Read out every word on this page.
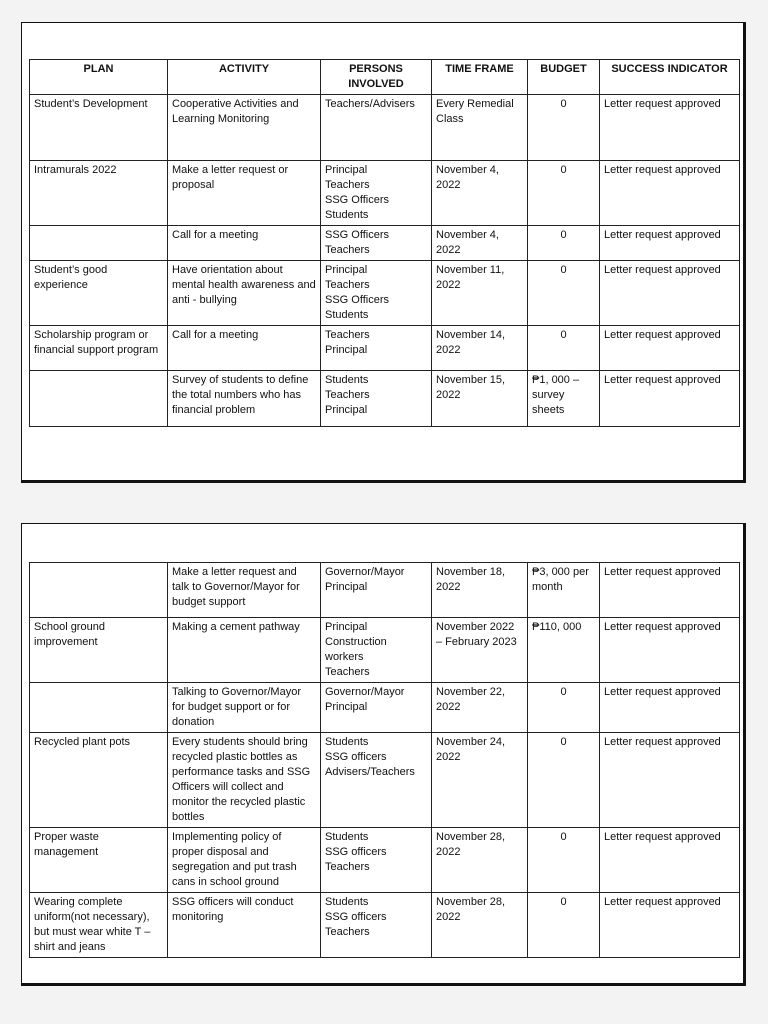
PLAN	ACTIVITY	PERSONS INVOLVED	TIME FRAME	BUDGET	SUCCESS INDICATOR
Student’s Development	Cooperative Activities and Learning Monitoring	Teachers/Advisers	Every Remedial Class	0	Letter request approved
Intramurals 2022	Make a letter request or proposal	Principal
Teachers
SSG Officers
Students	November 4, 2022	0	Letter request approved
	Call for a meeting	SSG Officers
Teachers	November 4, 2022	0	Letter request approved
Student’s good experience	Have orientation about mental health awareness and anti - bullying	Principal
Teachers
SSG Officers
Students	November 11, 2022	0	Letter request approved
Scholarship program or financial support program	Call for a meeting	Teachers
Principal	November 14, 2022	0	Letter request approved
	Survey of students to define the total numbers who has financial problem	Students
Teachers
Principal	November 15, 2022	₱1, 000 – survey sheets	Letter request approved
	Make a letter request and talk to Governor/Mayor for budget support	Governor/Mayor
Principal	November 18, 2022	₱3, 000 per month	Letter request approved
School ground improvement	Making a cement pathway	Principal
Construction workers
Teachers	November 2022 – February 2023	₱110, 000	Letter request approved
	Talking to Governor/Mayor for budget support or for donation	Governor/Mayor
Principal	November 22, 2022	0	Letter request approved
Recycled plant pots	Every students should bring recycled plastic bottles as performance tasks and SSG Officers will collect and monitor the recycled plastic bottles	Students
SSG officers
Advisers/Teachers	November 24, 2022	0	Letter request approved
Proper waste management	Implementing policy of proper disposal and segregation and put trash cans in school ground	Students
SSG officers
Teachers	November 28, 2022	0	Letter request approved
Wearing complete uniform(not necessary), but must wear white T – shirt and jeans	SSG officers will conduct monitoring	Students
SSG officers
Teachers	November 28, 2022	0	Letter request approved
